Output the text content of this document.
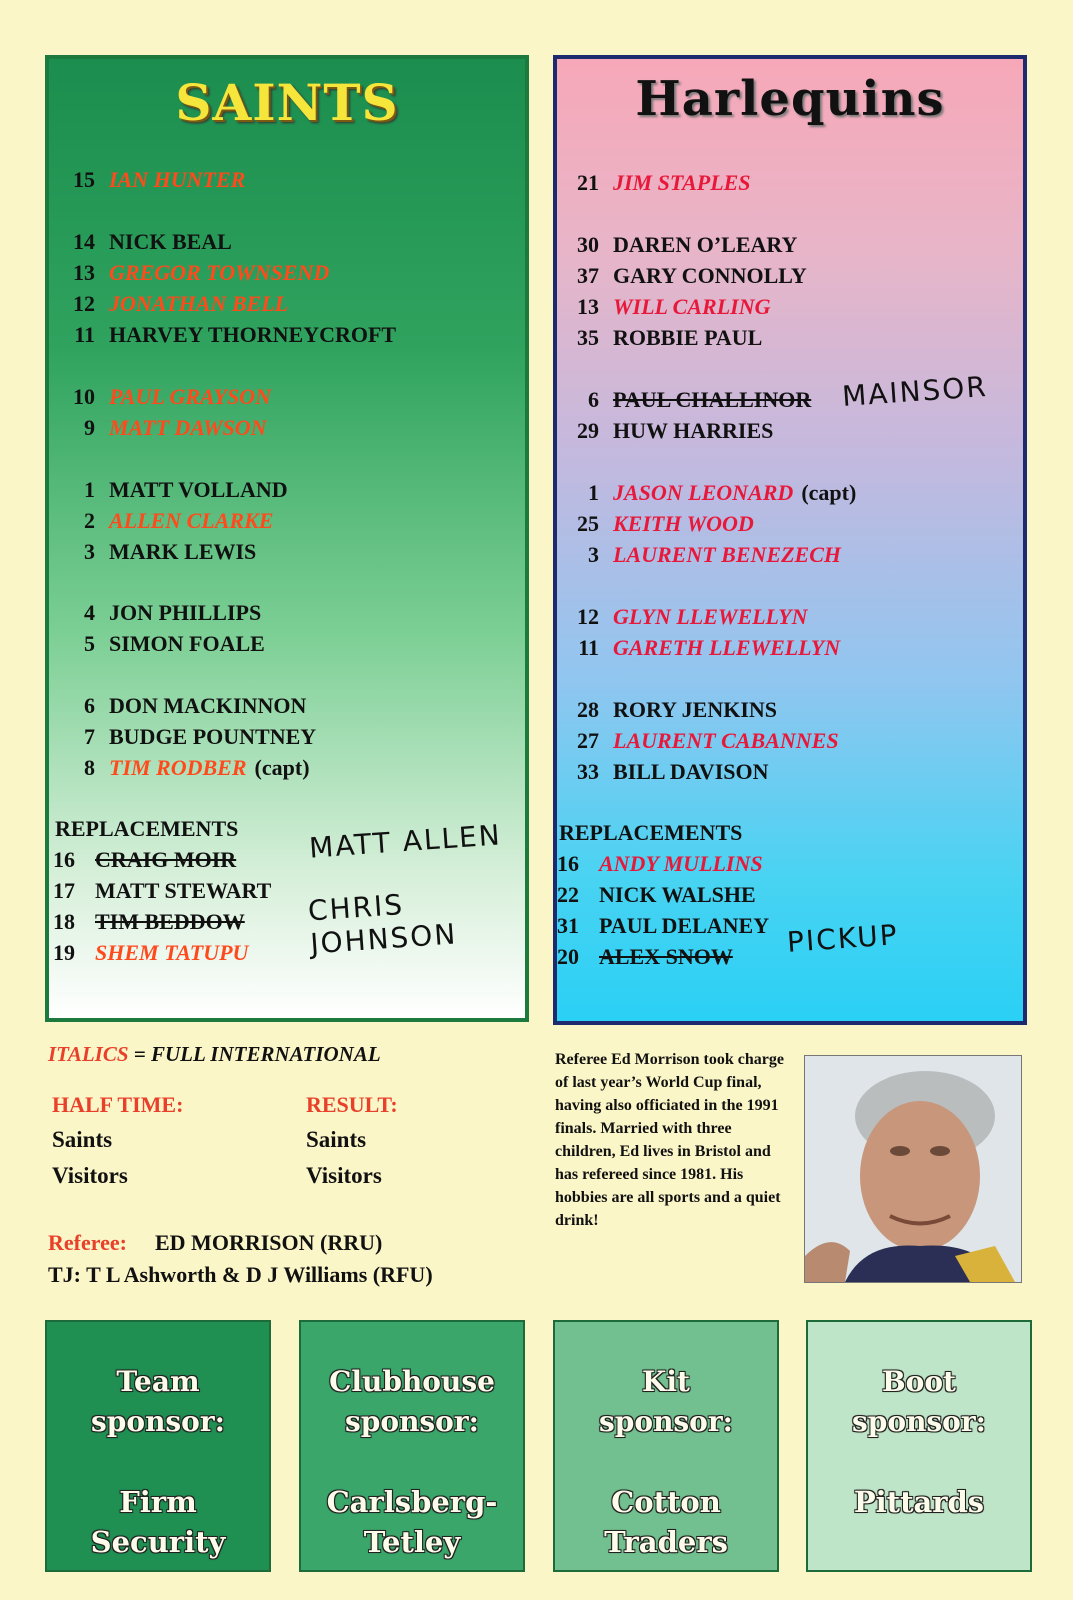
SAINTS
15 IAN HUNTER
14 NICK BEAL
13 GREGOR TOWNSEND
12 JONATHAN BELL
11 HARVEY THORNEYCROFT
10 PAUL GRAYSON
9 MATT DAWSON
1 MATT VOLLAND
2 ALLEN CLARKE
3 MARK LEWIS
4 JON PHILLIPS
5 SIMON FOALE
6 DON MACKINNON
7 BUDGE POUNTNEY
8 TIM RODBER (capt)
REPLACEMENTS
16 CRAIG MOIR	MATT ALLEN
17 MATT STEWART
18 TIM BEDDOW CHRIS JOHNSON
19 SHEM TATUPU
Harlequins
21 JIM STAPLES
30 DAREN O’LEARY
37 GARY CONNOLLY
13 WILL CARLING
35 ROBBIE PAUL
6 PAUL CHALLINOR MAINSOR
29 HUW HARRIES
1 JASON LEONARD (capt)
25 KEITH WOOD
3 LAURENT BENEZECH
12 GLYN LLEWELLYN
11 GARETH LLEWELLYN
28 RORY JENKINS
27 LAURENT CABANNES
33 BILL DAVISON
REPLACEMENTS
16 ANDY MULLINS
22 NICK WALSHE
31 PAUL DELANEY
20 ALEX SNOW PICKUP
ITALICS = FULL INTERNATIONAL
HALF TIME:
Saints
Visitors
RESULT:
Saints
Visitors
Referee: ED MORRISON (RRU)
TJ: T L Ashworth & D J Williams (RFU)
Referee Ed Morrison took charge of last year’s World Cup final, having also officiated in the 1991 finals. Married with three children, Ed lives in Bristol and has refereed since 1981. His hobbies are all sports and a quiet drink!
Team
sponsor:
Firm
Security
Clubhouse
sponsor:
Carlsberg-
Tetley
Kit
sponsor:
Cotton
Traders
Boot
sponsor:
Pittards
